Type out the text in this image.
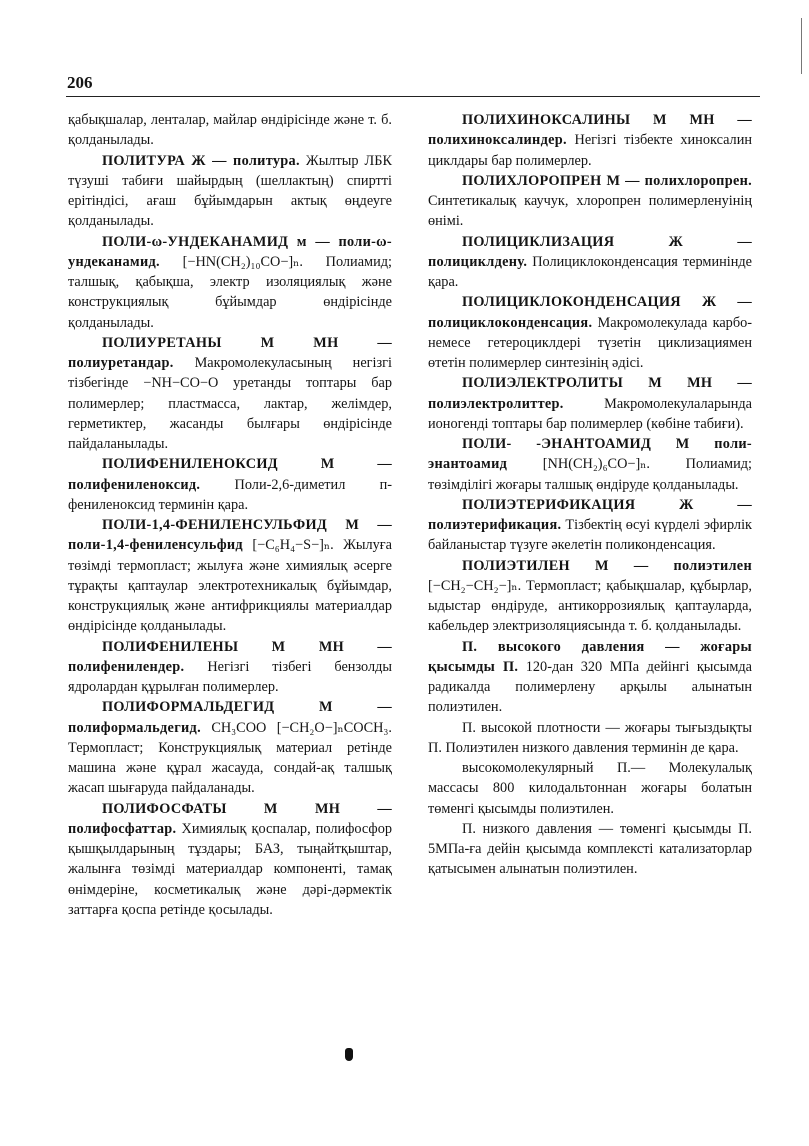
206

қабықшалар, ленталар, майлар өндірісінде және т. б. қолданылады.

ПОЛИТУРА Ж — политура. Жылтыр ЛБК түзуші табиғи шайырдың (шеллактың) спиртті ерітіндісі, ағаш бұйымдарын актық өңдеуге қолданылады.

ПОЛИ-ω-УНДЕКАНАМИД м — поли-ω-ундеканамид. [−HN(CH₂)₁₀CO−]ₙ. Полиамид; талшық, қабықша, электр изоляциялық және конструкциялық бұйымдар өндірісінде қолданылады.

ПОЛИУРЕТАНЫ М МН — полиуретандар. Макромолекуласының негізгі тізбегінде −NH−CO−O уретанды топтары бар полимерлер; пластмасса, лактар, желімдер, герметиктер, жасанды былғары өндірісінде пайдаланылады.

ПОЛИФЕНИЛЕНОКСИД М — полифениленоксид. Поли-2,6-диметил п-фениленоксид терминін қара.

ПОЛИ-1,4-ФЕНИЛЕНСУЛЬФИД М — поли-1,4-фениленсульфид [−C₆H₄−S−]ₙ. Жылуға төзімді термопласт; жылуға және химиялық әсерге тұрақты қаптаулар электротехникалық бұйымдар, конструкциялық және антифрикциялы материалдар өндірісінде қолданылады.

ПОЛИФЕНИЛЕНЫ М МН — полифенилендер. Негізгі тізбегі бензолды ядролардан құрылған полимерлер.

ПОЛИФОРМАЛЬДЕГИД М — полиформальдегид. CH₃COO [−CH₂O−]ₙCOCH₃. Термопласт; Конструкциялық материал ретінде машина және құрал жасауда, сондай-ақ талшық жасап шығаруда пайдаланады.

ПОЛИФОСФАТЫ М МН — полифосфаттар. Химиялық қоспалар, полифосфор қышқылдарының тұздары; БАЗ, тыңайтқыштар, жалынға төзімді материалдар компоненті, тамақ өнімдеріне, косметикалық және дәрі-дәрмектік заттарға қоспа ретінде қосылады.

ПОЛИХИНОКСАЛИНЫ М МН — полихиноксалиндер. Негізгі тізбекте хиноксалин циклдары бар полимерлер.

ПОЛИХЛОРОПРЕН М — полихлоропрен. Синтетикалық каучук, хлоропрен полимерленуінің өнімі.

ПОЛИЦИКЛИЗАЦИЯ Ж — полициклдену. Полициклоконденсация терминінде қара.

ПОЛИЦИКЛОКОНДЕНСАЦИЯ Ж — полициклоконденсация. Макромолекулада карбо-немесе гетероциклдері түзетін циклизациямен өтетін полимерлер синтезінің әдісі.

ПОЛИЭЛЕКТРОЛИТЫ М МН — полиэлектролиттер. Макромолекулаларында ионогенді топтары бар полимерлер (көбіне табиғи).

ПОЛИ- -ЭНАНТОАМИД М поли- энантоамид [NH(CH₂)₆CO−]ₙ. Полиамид; төзімділігі жоғары талшық өндіруде қолданылады.

ПОЛИЭТЕРИФИКАЦИЯ Ж — полиэтерификация. Тізбектің өсуі күрделі эфирлік байланыстар түзуге әкелетін поликонденсация.

ПОЛИЭТИЛЕН М — полиэтилен [−CH₂−CH₂−]ₙ. Термопласт; қабықшалар, құбырлар, ыдыстар өндіруде, антикоррозиялық қаптауларда, кабельдер электризоляциясында т. б. қолданылады.

П. высокого давления — жоғары қысымды П. 120-дан 320 МПа дейінгі қысымда радикалда полимерлену арқылы алынатын полиэтилен.

П. высокой плотности — жоғары тығыздықты П. Полиэтилен низкого давления терминін де қара.

высокомолекулярный П.— Молекулалық массасы 800 килодальтоннан жоғары болатын төменгі қысымды полиэтилен.

П. низкого давления — төменгі қысымды П. 5МПа-ға дейін қысымда комплексті катализаторлар қатысымен алынатын полиэтилен.
